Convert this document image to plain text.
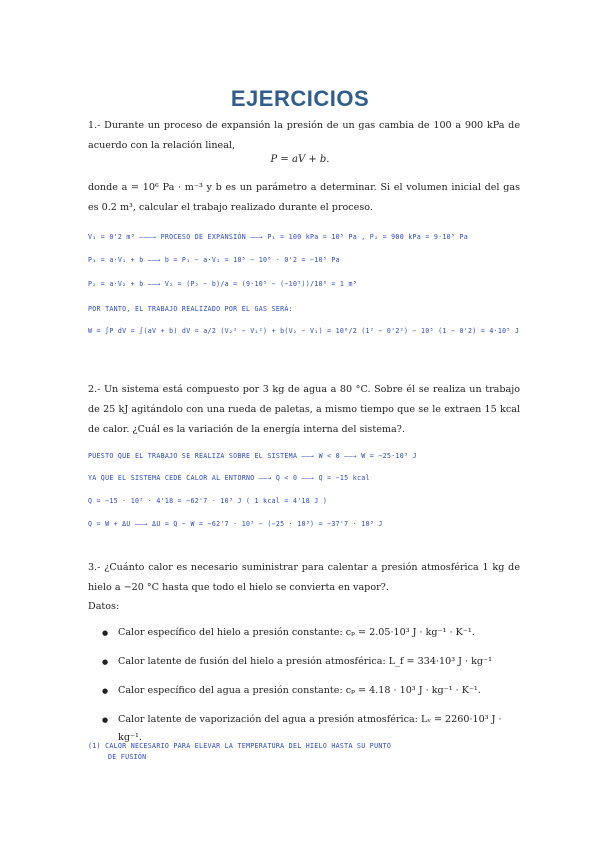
EJERCICIOS
1.- Durante un proceso de expansión la presión de un gas cambia de 100 a 900 kPa de acuerdo con la relación lineal,
P = aV + b.
donde a = 10⁶ Pa · m⁻³ y b es un parámetro a determinar. Si el volumen inicial del gas es 0.2 m³, calcular el trabajo realizado durante el proceso.
V₁ = 0'2 m³ ———→ PROCESO DE EXPANSIÓN ——→ P₁ = 100 kPa = 10⁵ Pa , P₂ = 900 kPa = 9·10⁵ Pa
P₁ = a·V₁ + b ——→ b = P₁ − a·V₁ = 10⁵ − 10⁶ · 0'2 = −10⁵ Pa
P₂ = a·V₂ + b ——→ V₂ = (P₂ − b)/a = (9·10⁵ − (−10⁵))/10⁶ = 1 m³
POR TANTO, EL TRABAJO REALIZADO POR EL GAS SERÁ:
W = ∫P dV = ∫(aV + b) dV = a/2 (V₂² − V₁²) + b(V₂ − V₁) = 10⁶/2 (1² − 0'2²) − 10⁵ (1 − 0'2) = 4·10⁵ J
2.- Un sistema está compuesto por 3 kg de agua a 80 °C. Sobre él se realiza un trabajo de 25 kJ agitándolo con una rueda de paletas, a mismo tiempo que se le extraen 15 kcal de calor. ¿Cuál es la variación de la energía interna del sistema?.
PUESTO QUE EL TRABAJO SE REALIZA SOBRE EL SISTEMA ——→ W < 0 ——→ W = −25·10³ J
YA QUE EL SISTEMA CEDE CALOR AL ENTORNO ——→ Q < 0 ——→ Q = −15 kcal
Q = −15 · 10³ · 4'18 = −62'7 · 10³ J ( 1 kcal = 4'18 J )
Q = W + ΔU ——→ ΔU = Q − W = −62'7 · 10³ − (−25 · 10³) = −37'7 · 10³ J
3.- ¿Cuánto calor es necesario suministrar para calentar a presión atmosférica 1 kg de hielo a −20 °C hasta que todo el hielo se convierta en vapor?.
Datos:
● Calor específico del hielo a presión constante: cₚ = 2.05·10³ J · kg⁻¹ · K⁻¹.
● Calor latente de fusión del hielo a presión atmosférica: L_f = 334·10³ J · kg⁻¹
● Calor específico del agua a presión constante: cₚ = 4.18 · 10³ J · kg⁻¹ · K⁻¹.
● Calor latente de vaporización del agua a presión atmosférica: Lᵥ = 2260·10³ J · kg⁻¹.
(1) CALOR NECESARIO PARA ELEVAR LA TEMPERATURA DEL HIELO HASTA SU PUNTO
DE FUSIÓN
